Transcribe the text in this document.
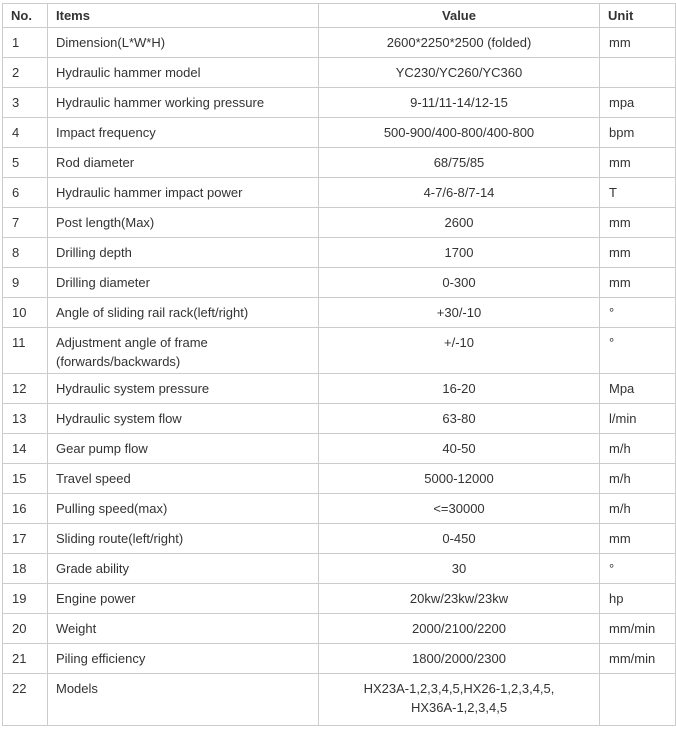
No.	Items	Value	Unit
1	Dimension(L*W*H)	2600*2250*2500 (folded)	mm
2	Hydraulic hammer model	YC230/YC260/YC360	
3	Hydraulic hammer working pressure	9-11/11-14/12-15	mpa
4	Impact frequency	500-900/400-800/400-800	bpm
5	Rod diameter	68/75/85	mm
6	Hydraulic hammer impact power	4-7/6-8/7-14	T
7	Post length(Max)	2600	mm
8	Drilling depth	1700	mm
9	Drilling diameter	0-300	mm
10	Angle of sliding rail rack(left/right)	+30/-10	°
11	Adjustment angle of frame
(forwards/backwards)	+/-10	°
12	Hydraulic system pressure	16-20	Mpa
13	Hydraulic system flow	63-80	l/min
14	Gear pump flow	40-50	m/h
15	Travel speed	5000-12000	m/h
16	Pulling speed(max)	<=30000	m/h
17	Sliding route(left/right)	0-450	mm
18	Grade ability	30	°
19	Engine power	20kw/23kw/23kw	hp
20	Weight	2000/2100/2200	mm/min
21	Piling efficiency	1800/2000/2300	mm/min
22	Models	HX23A-1,2,3,4,5,HX26-1,2,3,4,5,
HX36A-1,2,3,4,5	
